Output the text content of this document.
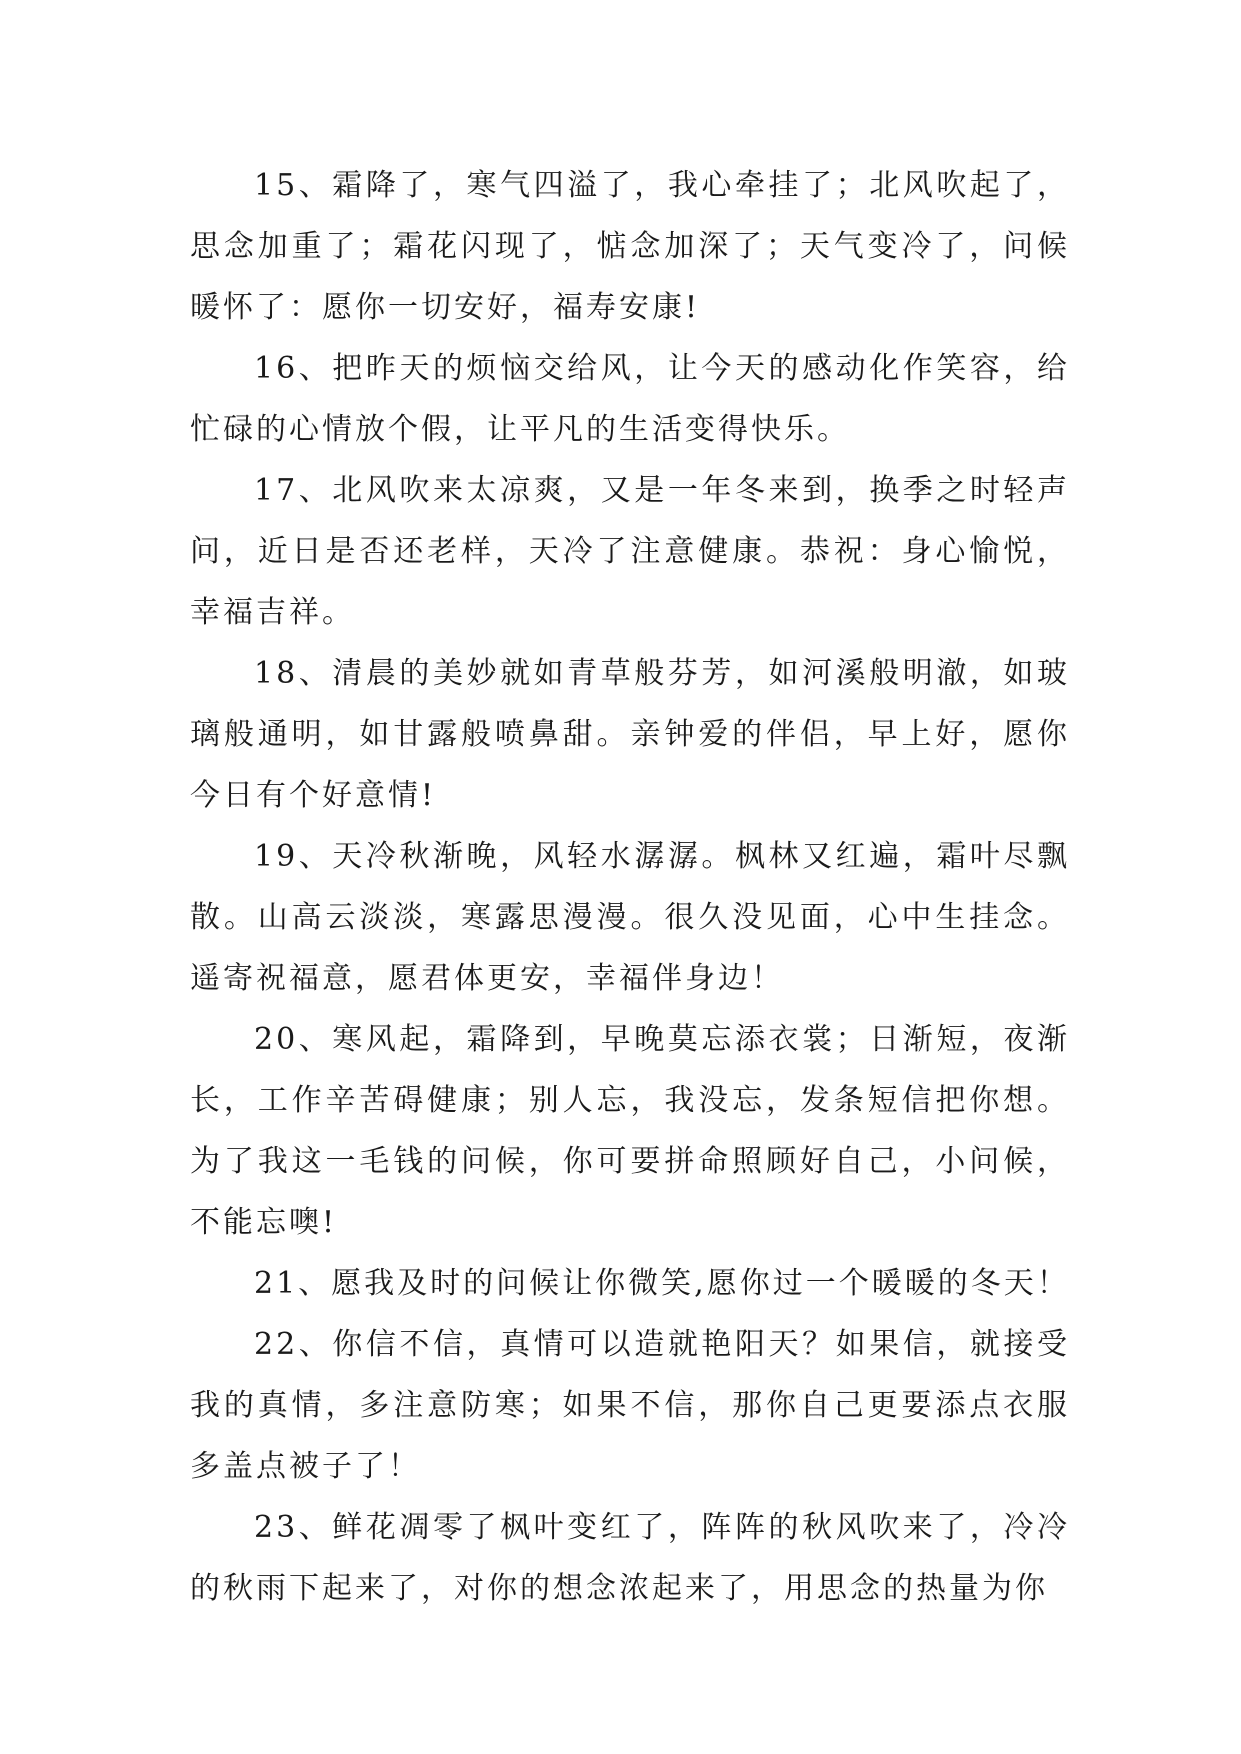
15、霜降了，寒气四溢了，我心牵挂了；北风吹起了，思念加重了；霜花闪现了，惦念加深了；天气变冷了，问候暖怀了：愿你一切安好，福寿安康!

16、把昨天的烦恼交给风，让今天的感动化作笑容，给忙碌的心情放个假，让平凡的生活变得快乐。

17、北风吹来太凉爽，又是一年冬来到，换季之时轻声问，近日是否还老样，天冷了注意健康。恭祝：身心愉悦，幸福吉祥。

18、清晨的美妙就如青草般芬芳，如河溪般明澈，如玻璃般通明，如甘露般喷鼻甜。亲钟爱的伴侣，早上好，愿你今日有个好意情!

19、天冷秋渐晚，风轻水潺潺。枫林又红遍，霜叶尽飘散。山高云淡淡，寒露思漫漫。很久没见面，心中生挂念。遥寄祝福意，愿君体更安，幸福伴身边！

20、寒风起，霜降到，早晚莫忘添衣裳；日渐短，夜渐长，工作辛苦碍健康；别人忘，我没忘，发条短信把你想。为了我这一毛钱的问候，你可要拼命照顾好自己，小问候，不能忘噢!

21、愿我及时的问候让你微笑,愿你过一个暖暖的冬天！

22、你信不信，真情可以造就艳阳天？如果信，就接受我的真情，多注意防寒；如果不信，那你自己更要添点衣服多盖点被子了！

23、鲜花凋零了枫叶变红了，阵阵的秋风吹来了，冷冷的秋雨下起来了，对你的想念浓起来了，用思念的热量为你
